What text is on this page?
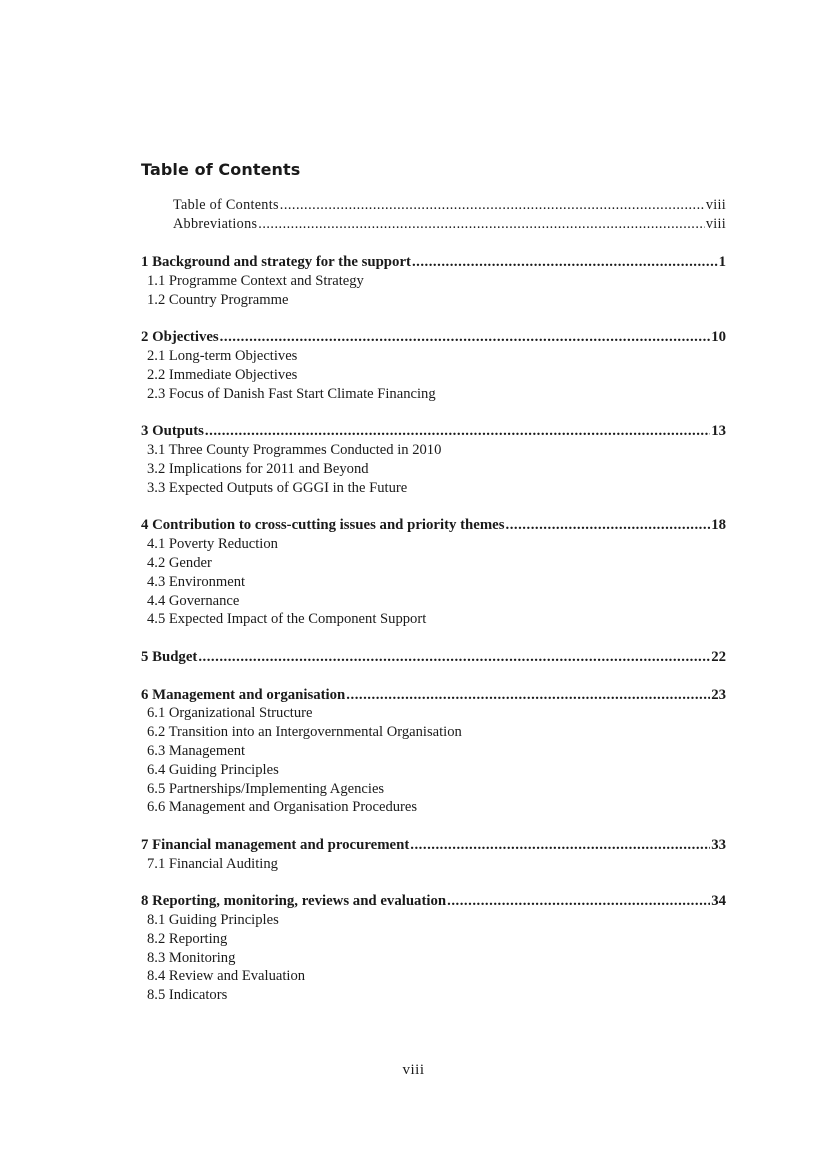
Table of Contents
Table of Contents .....	viii
Abbreviations .....	viii
1 Background and strategy for the support .....	1
1.1 Programme Context and Strategy
1.2 Country Programme
2 Objectives .....	10
2.1 Long-term Objectives
2.2 Immediate Objectives
2.3 Focus of Danish Fast Start Climate Financing
3 Outputs .....	13
3.1 Three County Programmes Conducted in 2010
3.2 Implications for 2011 and Beyond
3.3 Expected Outputs of GGGI in the Future
4 Contribution to cross-cutting issues and priority themes .....	18
4.1 Poverty Reduction
4.2 Gender
4.3 Environment
4.4 Governance
4.5 Expected Impact of the Component Support
5 Budget .....	22
6 Management and organisation .....	23
6.1 Organizational Structure
6.2 Transition into an Intergovernmental Organisation
6.3 Management
6.4 Guiding Principles
6.5 Partnerships/Implementing Agencies
6.6 Management and Organisation Procedures
7 Financial management and procurement .....	33
7.1 Financial Auditing
8 Reporting, monitoring, reviews and evaluation .....	34
8.1 Guiding Principles
8.2 Reporting
8.3 Monitoring
8.4 Review and Evaluation
8.5 Indicators
viii
